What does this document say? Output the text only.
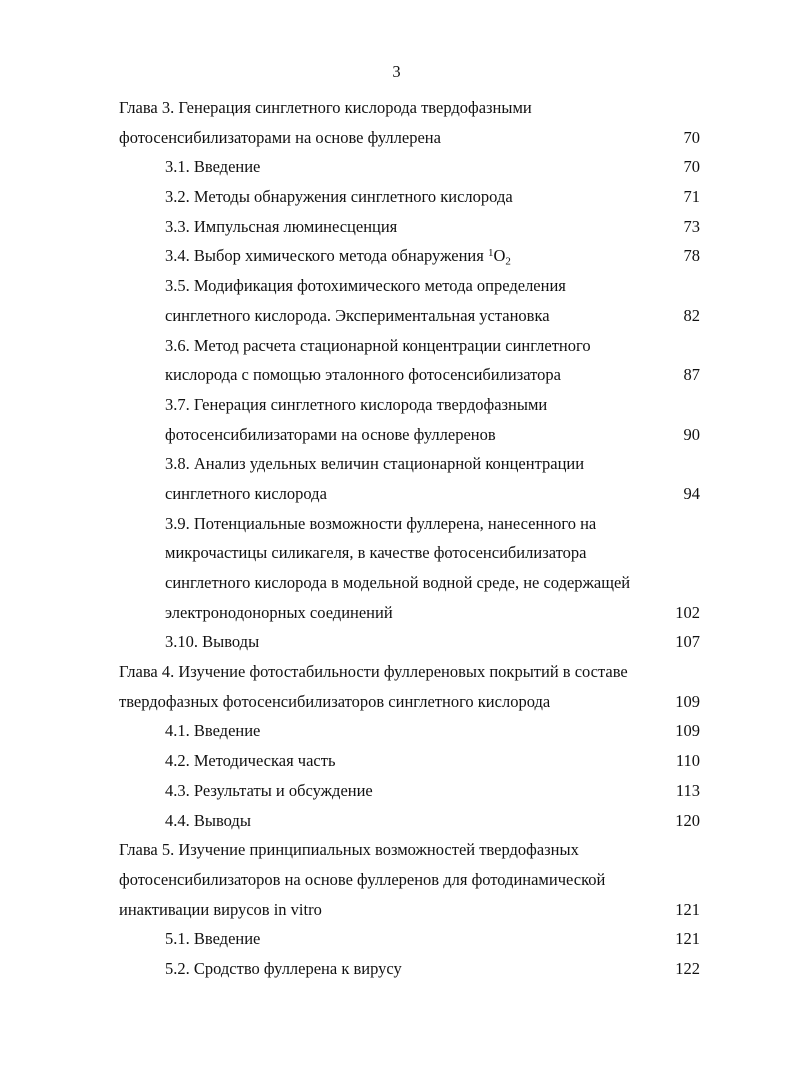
3
Глава 3. Генерация синглетного кислорода твердофазными
фотосенсибилизаторами на основе фуллерена	70
3.1. Введение	70
3.2. Методы обнаружения синглетного кислорода	71
3.3. Импульсная люминесценция	73
3.4. Выбор химического метода обнаружения $^1O_2$	78
3.5. Модификация фотохимического метода определения
синглетного кислорода. Экспериментальная установка	82
3.6. Метод расчета стационарной концентрации синглетного
кислорода с помощью эталонного фотосенсибилизатора	87
3.7. Генерация синглетного кислорода твердофазными
фотосенсибилизаторами на основе фуллеренов	90
3.8. Анализ удельных величин стационарной концентрации
синглетного кислорода	94
3.9. Потенциальные возможности фуллерена, нанесенного на
микрочастицы силикагеля, в качестве фотосенсибилизатора
синглетного кислорода в модельной водной среде, не содержащей
электронодонорных соединений	102
3.10. Выводы	107
Глава 4. Изучение фотостабильности фуллереновых покрытий в составе
твердофазных фотосенсибилизаторов синглетного кислорода	109
4.1. Введение	109
4.2. Методическая часть	110
4.3. Результаты и обсуждение	113
4.4. Выводы	120
Глава 5. Изучение принципиальных возможностей твердофазных
фотосенсибилизаторов на основе фуллеренов для фотодинамической
инактивации вирусов in vitro	121
5.1. Введение	121
5.2. Сродство фуллерена к вирусу	122
